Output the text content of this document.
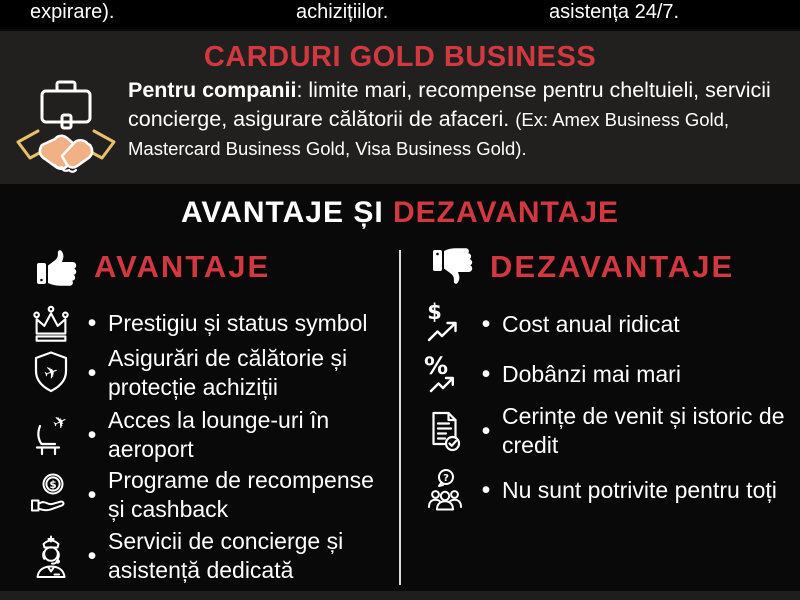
expirare).	achizițiilor.	asistența 24/7.
CARDURI GOLD BUSINESS
Pentru companii: limite mari, recompense pentru cheltuieli, servicii concierge, asigurare călătorii de afaceri. (Ex: Amex Business Gold, Mastercard Business Gold, Visa Business Gold).
AVANTAJE ȘI DEZAVANTAJE
AVANTAJE	DEZAVANTAJE
•
Prestigiu și status symbol
✈
•
Asigurări de călătorie și protecție achiziții
✈
• Acces la lounge-uri în aeroport
$
• Programe de recompense și cashback
•
Servicii de concierge și asistență dedicată
$ •	Cost anual ridicat
% • Dobânzi mai mari
•
Cerințe de venit și istoric de credit
?
• Nu sunt potrivite pentru toți
